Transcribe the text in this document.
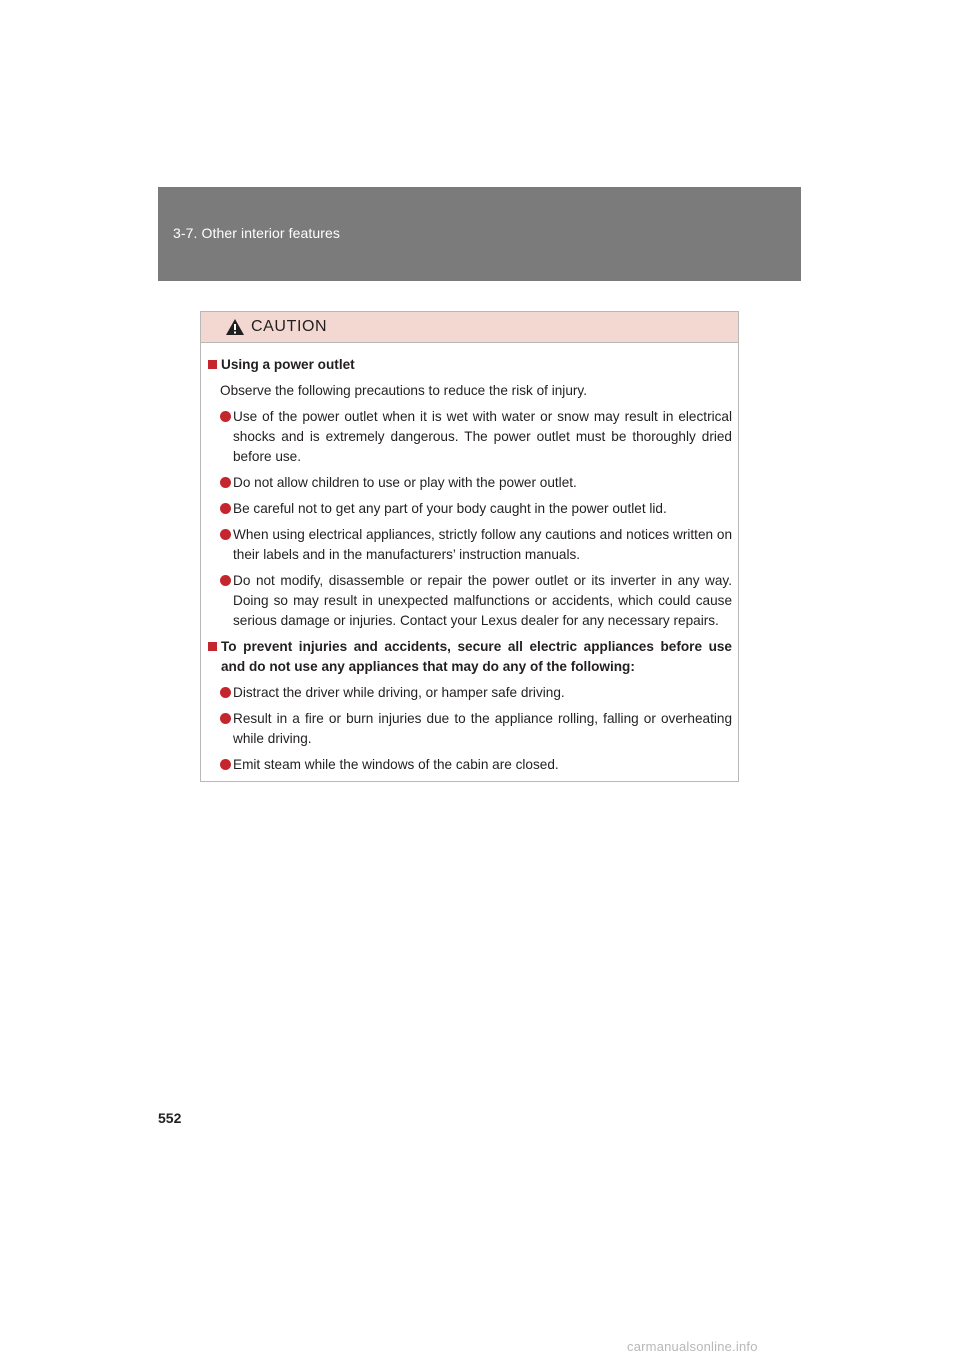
3-7. Other interior features
CAUTION
Using a power outlet
Observe the following precautions to reduce the risk of injury.
Use of the power outlet when it is wet with water or snow may result in electrical shocks and is extremely dangerous. The power outlet must be thoroughly dried before use.
Do not allow children to use or play with the power outlet.
Be careful not to get any part of your body caught in the power outlet lid.
When using electrical appliances, strictly follow any cautions and notices written on their labels and in the manufacturers’ instruction manuals.
Do not modify, disassemble or repair the power outlet or its inverter in any way. Doing so may result in unexpected malfunctions or accidents, which could cause serious damage or injuries. Contact your Lexus dealer for any necessary repairs.
To prevent injuries and accidents, secure all electric appliances before use and do not use any appliances that may do any of the following:
Distract the driver while driving, or hamper safe driving.
Result in a fire or burn injuries due to the appliance rolling, falling or overheating while driving.
Emit steam while the windows of the cabin are closed.
552
carmanualsonline.info
